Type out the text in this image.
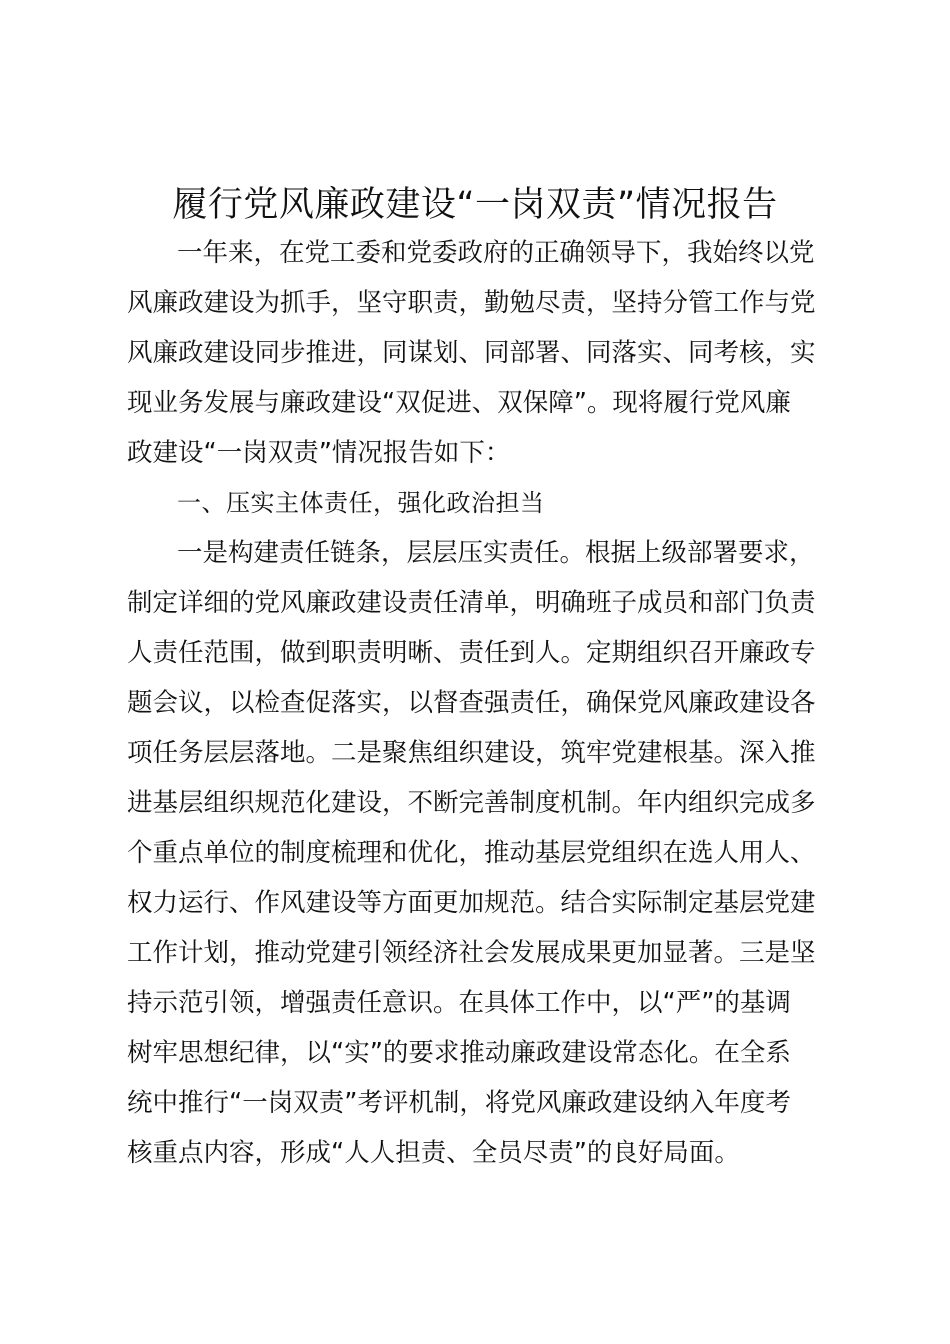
履行党风廉政建设“一岗双责”情况报告
一年来，在党工委和党委政府的正确领导下，我始终以党
风廉政建设为抓手，坚守职责，勤勉尽责，坚持分管工作与党
风廉政建设同步推进，同谋划、同部署、同落实、同考核，实
现业务发展与廉政建设“双促进、双保障”。现将履行党风廉
政建设“一岗双责”情况报告如下：
一、压实主体责任，强化政治担当
一是构建责任链条，层层压实责任。根据上级部署要求，
制定详细的党风廉政建设责任清单，明确班子成员和部门负责
人责任范围，做到职责明晰、责任到人。定期组织召开廉政专
题会议，以检查促落实，以督查强责任，确保党风廉政建设各
项任务层层落地。二是聚焦组织建设，筑牢党建根基。深入推
进基层组织规范化建设，不断完善制度机制。年内组织完成多
个重点单位的制度梳理和优化，推动基层党组织在选人用人、
权力运行、作风建设等方面更加规范。结合实际制定基层党建
工作计划，推动党建引领经济社会发展成果更加显著。三是坚
持示范引领，增强责任意识。在具体工作中，以“严”的基调
树牢思想纪律，以“实”的要求推动廉政建设常态化。在全系
统中推行“一岗双责”考评机制，将党风廉政建设纳入年度考
核重点内容，形成“人人担责、全员尽责”的良好局面。
